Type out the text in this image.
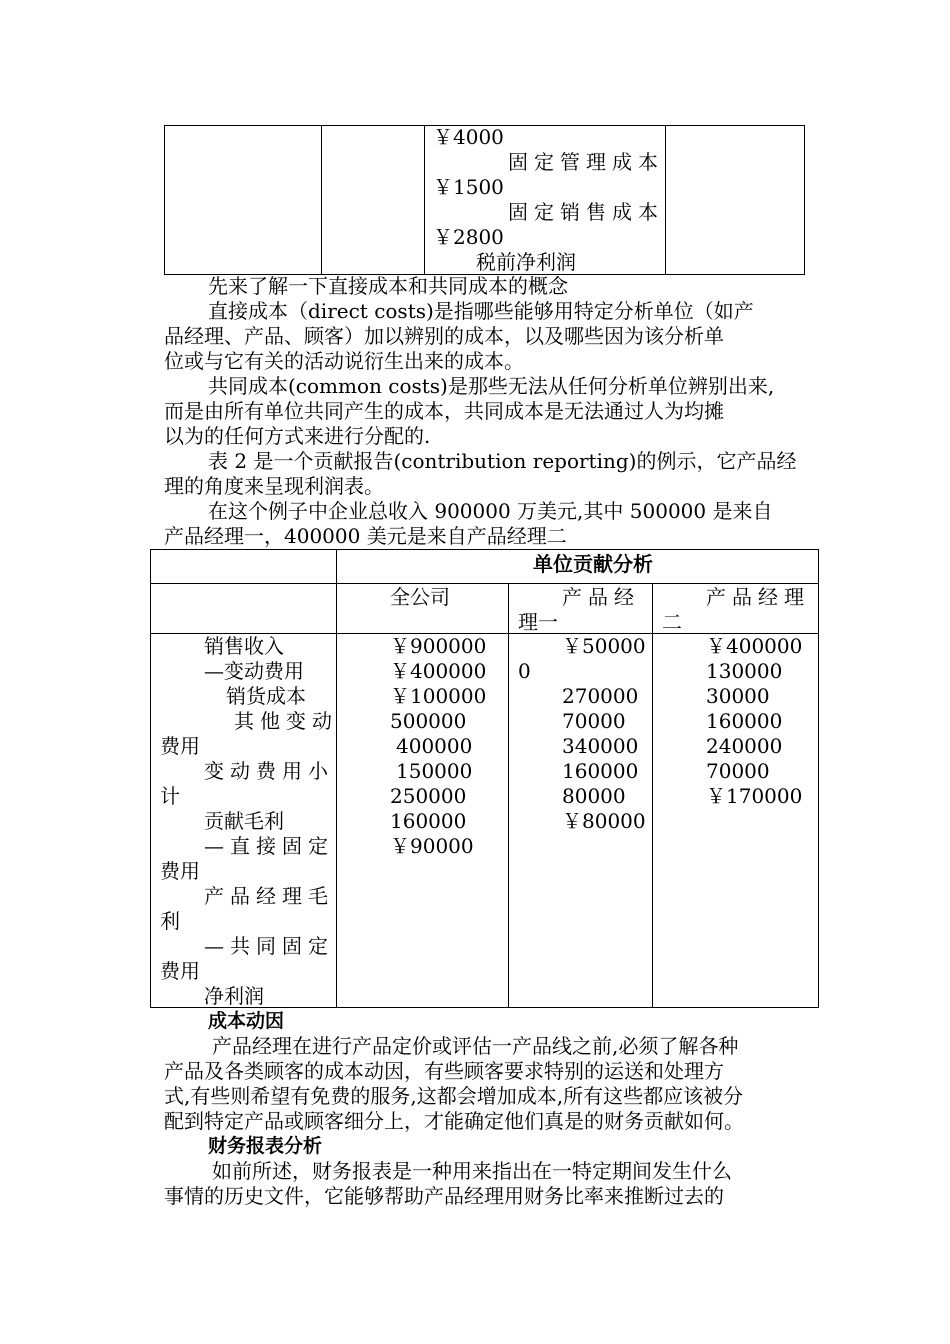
￥4000
固定管理成本
￥1500
固定销售成本
￥2800
税前净利润
先来了解一下直接成本和共同成本的概念
直接成本（direct costs)是指哪些能够用特定分析单位（如产
品经理、产品、顾客）加以辨别的成本，以及哪些因为该分析单
位或与它有关的活动说衍生出来的成本。
共同成本(common costs)是那些无法从任何分析单位辨别出来,
而是由所有单位共同产生的成本，共同成本是无法通过人为均摊
以为的任何方式来进行分配的.
表 2 是一个贡献报告(contribution reporting)的例示，它产品经
理的角度来呈现利润表。
在这个例子中企业总收入 900000 万美元,其中 500000 是来自
产品经理一，400000 美元是来自产品经理二
单位贡献分析
全公司	产品经
理一
产品经理
二
销售收入
—变动费用
销货成本
其他变动
费用
变动费用小
计
贡献毛利
—直接固定
费用
产品经理毛
利
—共同固定
费用
净利润
￥900000
￥400000
￥100000
500000
400000
150000
250000
160000
￥90000
￥50000
0
270000
70000
340000
160000
80000
￥80000
￥400000
130000
30000
160000
240000
70000
￥170000
成本动因
产品经理在进行产品定价或评估一产品线之前,必须了解各种
产品及各类顾客的成本动因，有些顾客要求特别的运送和处理方
式,有些则希望有免费的服务,这都会增加成本,所有这些都应该被分
配到特定产品或顾客细分上，才能确定他们真是的财务贡献如何。
财务报表分析
如前所述，财务报表是一种用来指出在一特定期间发生什么
事情的历史文件，它能够帮助产品经理用财务比率来推断过去的
